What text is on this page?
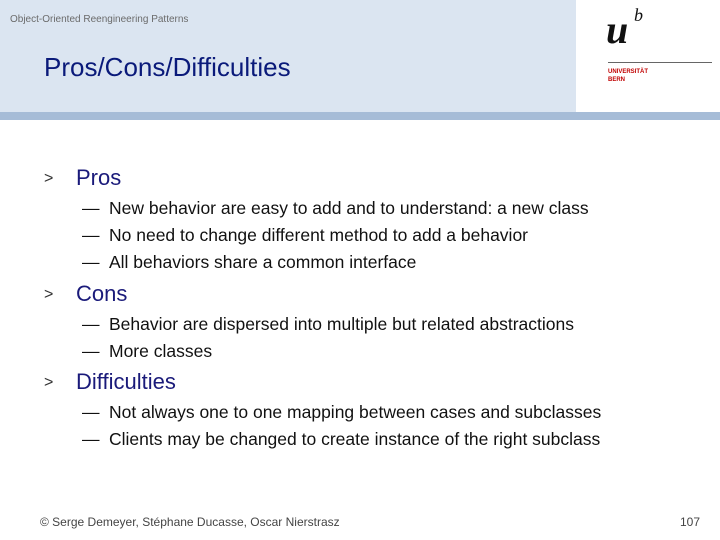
Object-Oriented Reengineering Patterns
Pros/Cons/Difficulties
u b
UNIVERSITÄT
BERN
> Pros
— New behavior are easy to add and to understand: a new class
— No need to change different method to add a behavior
— All behaviors share a common interface
> Cons
— Behavior are dispersed into multiple but related abstractions
— More classes
> Difficulties
— Not always one to one mapping between cases and subclasses
— Clients may be changed to create instance of the right subclass
© Serge Demeyer, Stéphane Ducasse, Oscar Nierstrasz	107
